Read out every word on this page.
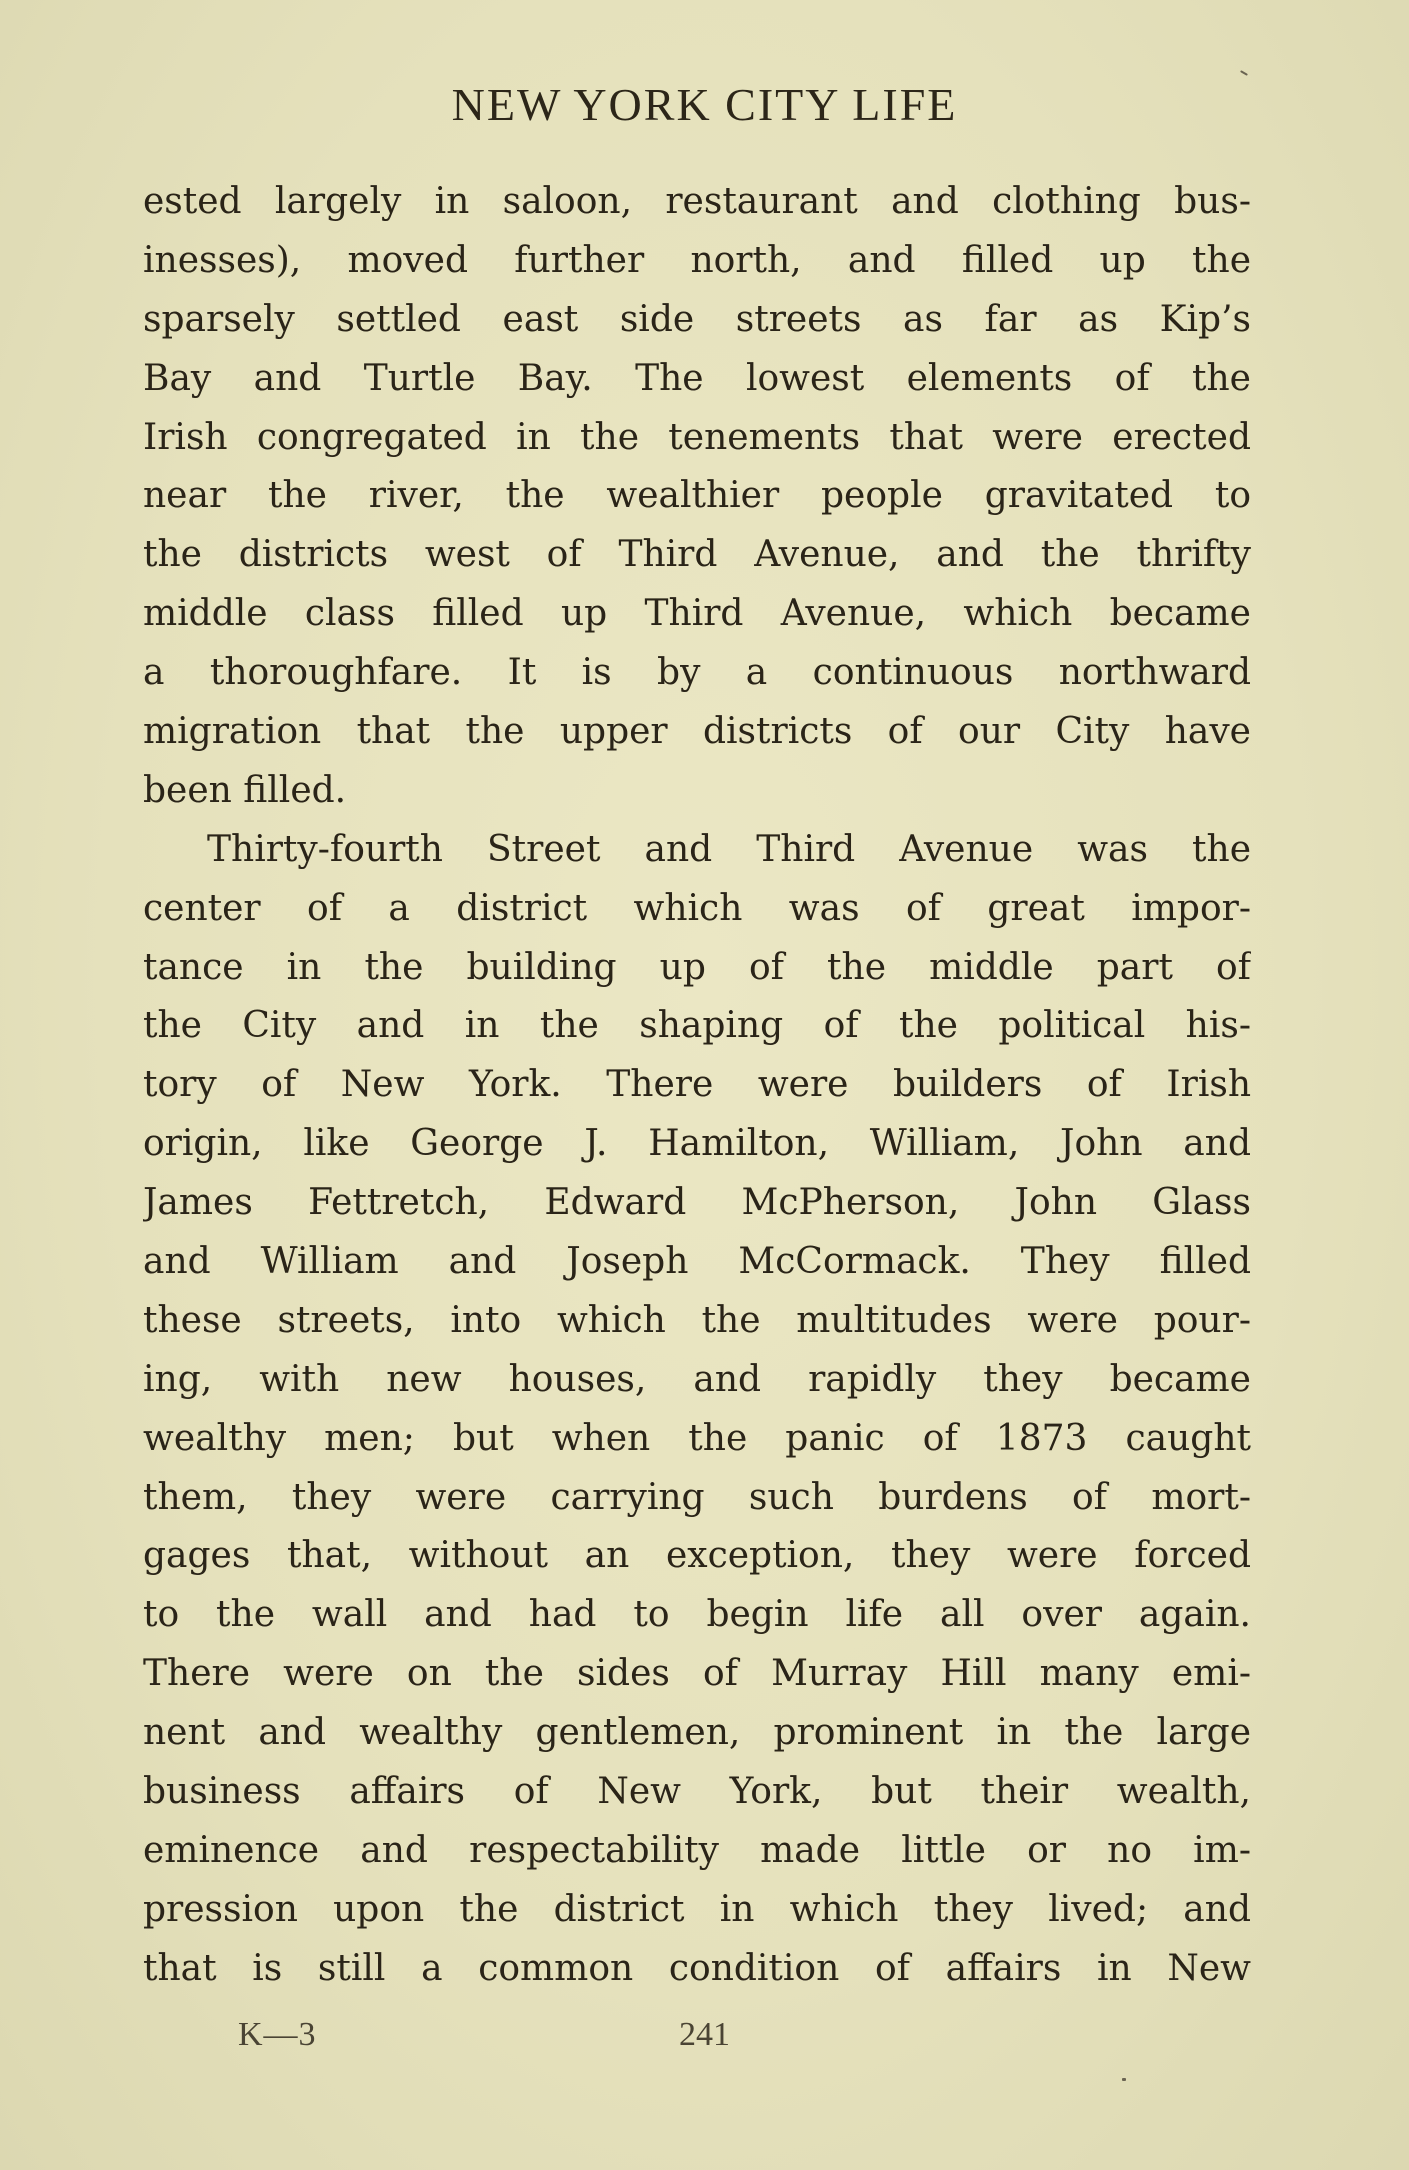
NEW YORK CITY LIFE
ested largely in saloon, restaurant and clothing bus-
inesses), moved further north, and filled up the
sparsely settled east side streets as far as Kip’s
Bay and Turtle Bay. The lowest elements of the
Irish congregated in the tenements that were erected
near the river, the wealthier people gravitated to
the districts west of Third Avenue, and the thrifty
middle class filled up Third Avenue, which became
a thoroughfare. It is by a continuous northward
migration that the upper districts of our City have
been filled.
Thirty-fourth Street and Third Avenue was the
center of a district which was of great impor-
tance in the building up of the middle part of
the City and in the shaping of the political his-
tory of New York. There were builders of Irish
origin, like George J. Hamilton, William, John and
James Fettretch, Edward McPherson, John Glass
and William and Joseph McCormack. They filled
these streets, into which the multitudes were pour-
ing, with new houses, and rapidly they became
wealthy men; but when the panic of 1873 caught
them, they were carrying such burdens of mort-
gages that, without an exception, they were forced
to the wall and had to begin life all over again.
There were on the sides of Murray Hill many emi-
nent and wealthy gentlemen, prominent in the large
business affairs of New York, but their wealth,
eminence and respectability made little or no im-
pression upon the district in which they lived; and
that is still a common condition of affairs in New
K—3	241
